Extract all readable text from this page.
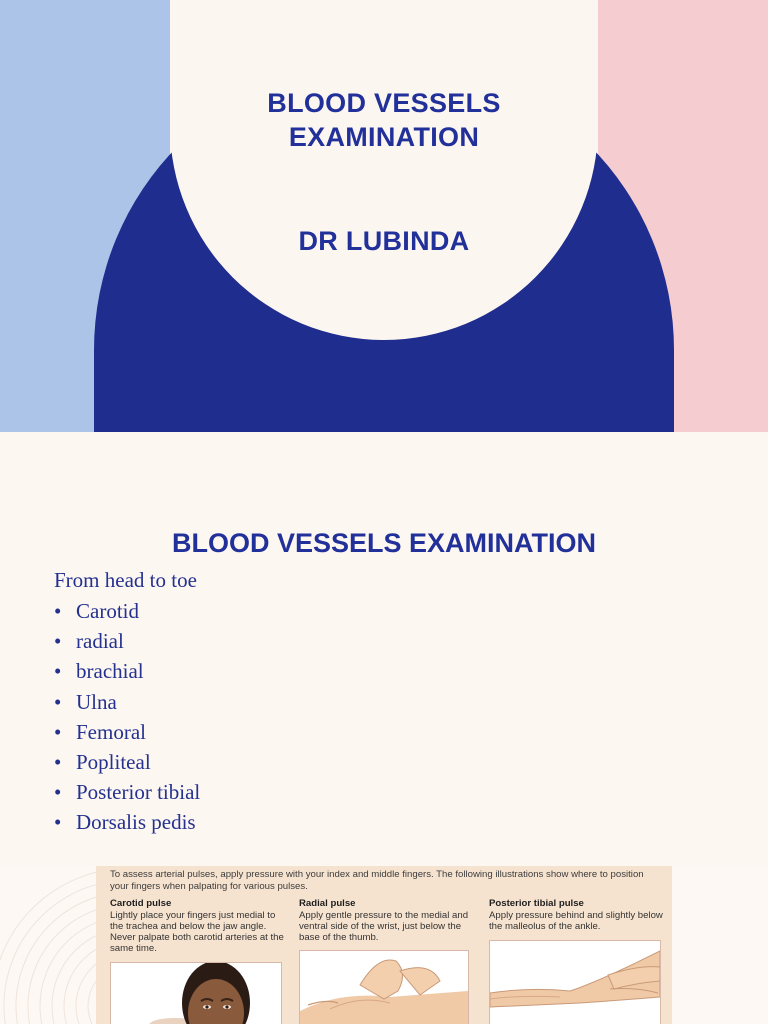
BLOOD VESSELS
EXAMINATION
DR LUBINDA
BLOOD VESSELS EXAMINATION
From head to toe
• Carotid
• radial
• brachial
• Ulna
• Femoral
• Popliteal
• Posterior tibial
• Dorsalis pedis
To assess arterial pulses, apply pressure with your index and middle fingers. The following illustrations show where to position your fingers when palpating for various pulses.
Carotid pulse
Lightly place your fingers just medial to the trachea and below the jaw angle. Never palpate both carotid arteries at the same time.
Radial pulse
Apply gentle pressure to the medial and ventral side of the wrist, just below the base of the thumb.
Posterior tibial pulse
Apply pressure behind and slightly below the malleolus of the ankle.
